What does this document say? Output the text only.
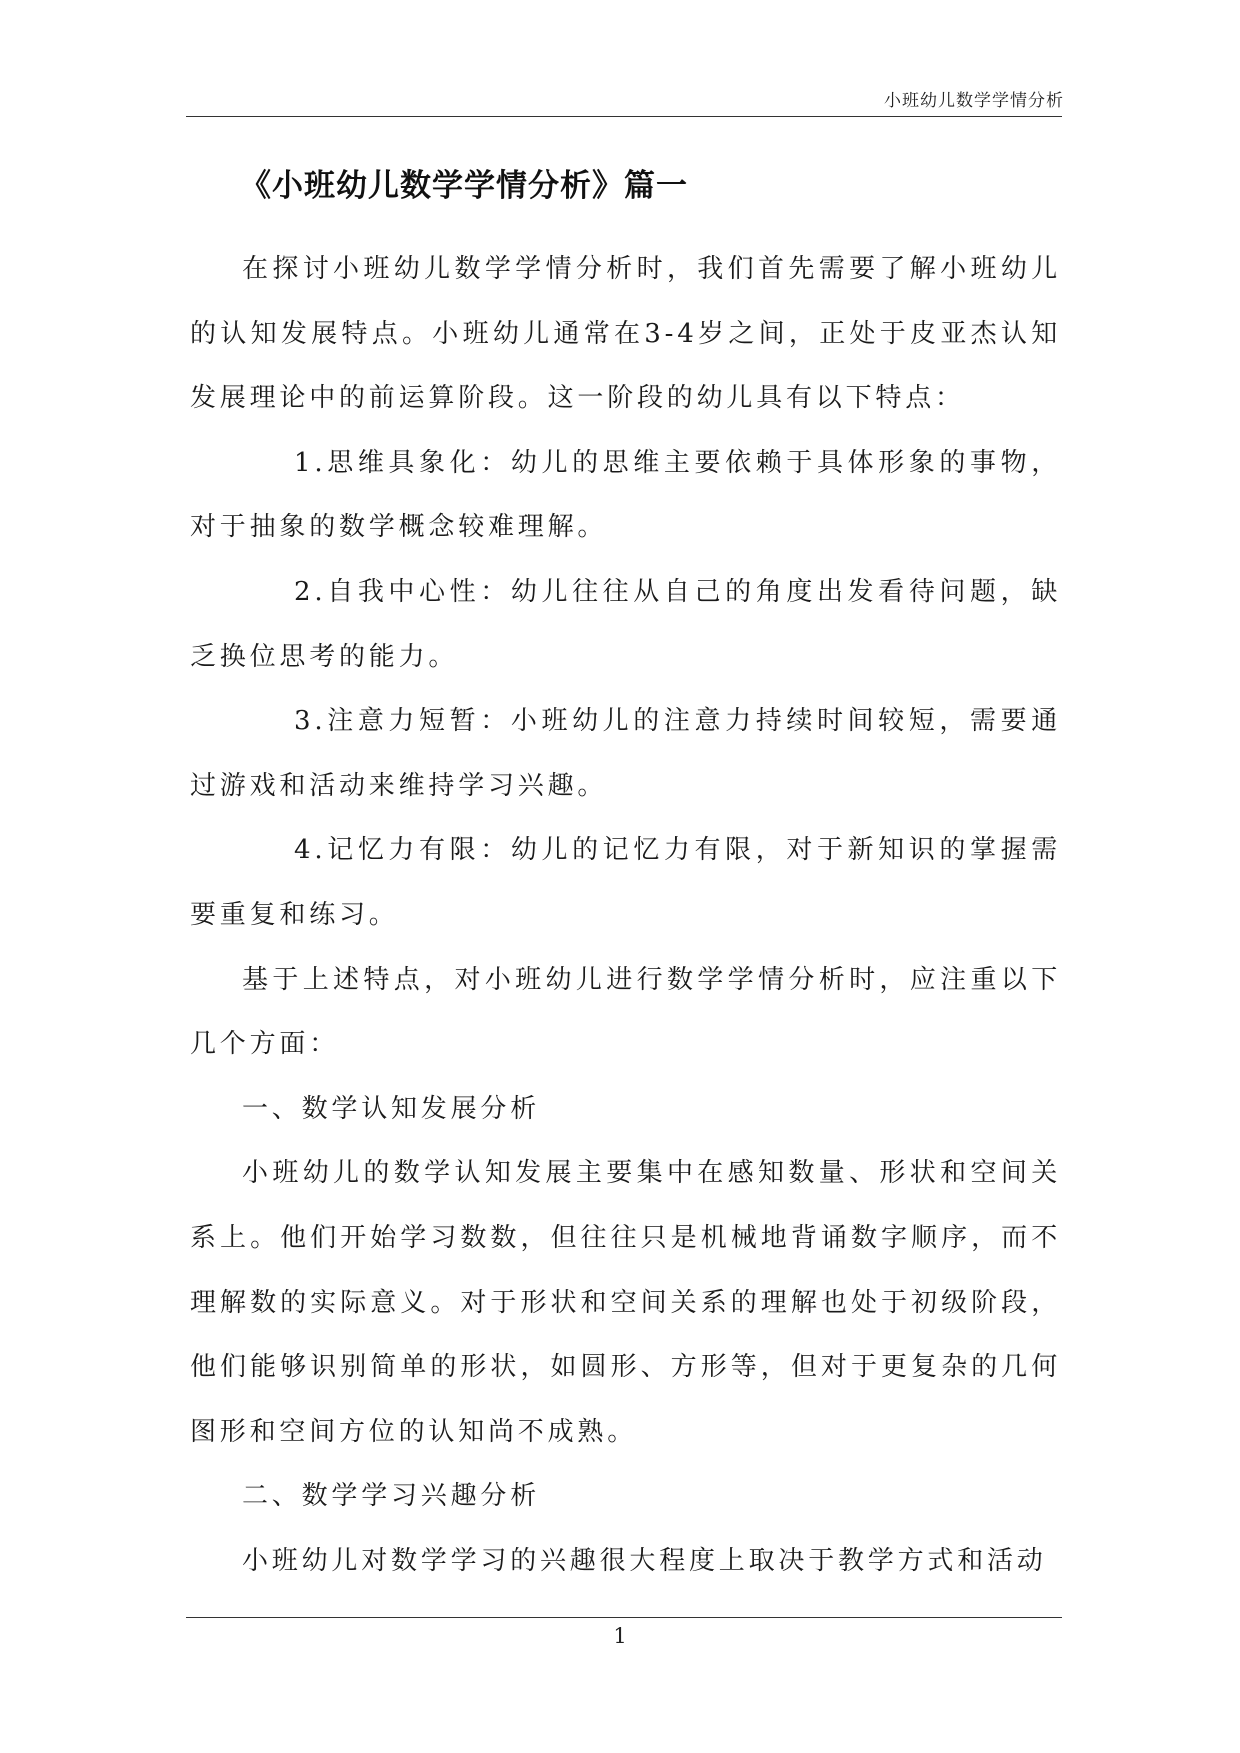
小班幼儿数学学情分析
《小班幼儿数学学情分析》篇一

在探讨小班幼儿数学学情分析时，我们首先需要了解小班幼儿的认知发展特点。小班幼儿通常在3-4岁之间，正处于皮亚杰认知发展理论中的前运算阶段。这一阶段的幼儿具有以下特点：

1.思维具象化：幼儿的思维主要依赖于具体形象的事物，对于抽象的数学概念较难理解。

2.自我中心性：幼儿往往从自己的角度出发看待问题，缺乏换位思考的能力。

3.注意力短暂：小班幼儿的注意力持续时间较短，需要通过游戏和活动来维持学习兴趣。

4.记忆力有限：幼儿的记忆力有限，对于新知识的掌握需要重复和练习。

基于上述特点，对小班幼儿进行数学学情分析时，应注重以下几个方面：

一、数学认知发展分析

小班幼儿的数学认知发展主要集中在感知数量、形状和空间关系上。他们开始学习数数，但往往只是机械地背诵数字顺序，而不理解数的实际意义。对于形状和空间关系的理解也处于初级阶段，他们能够识别简单的形状，如圆形、方形等，但对于更复杂的几何图形和空间方位的认知尚不成熟。

二、数学学习兴趣分析

小班幼儿对数学学习的兴趣很大程度上取决于教学方式和活动

1
